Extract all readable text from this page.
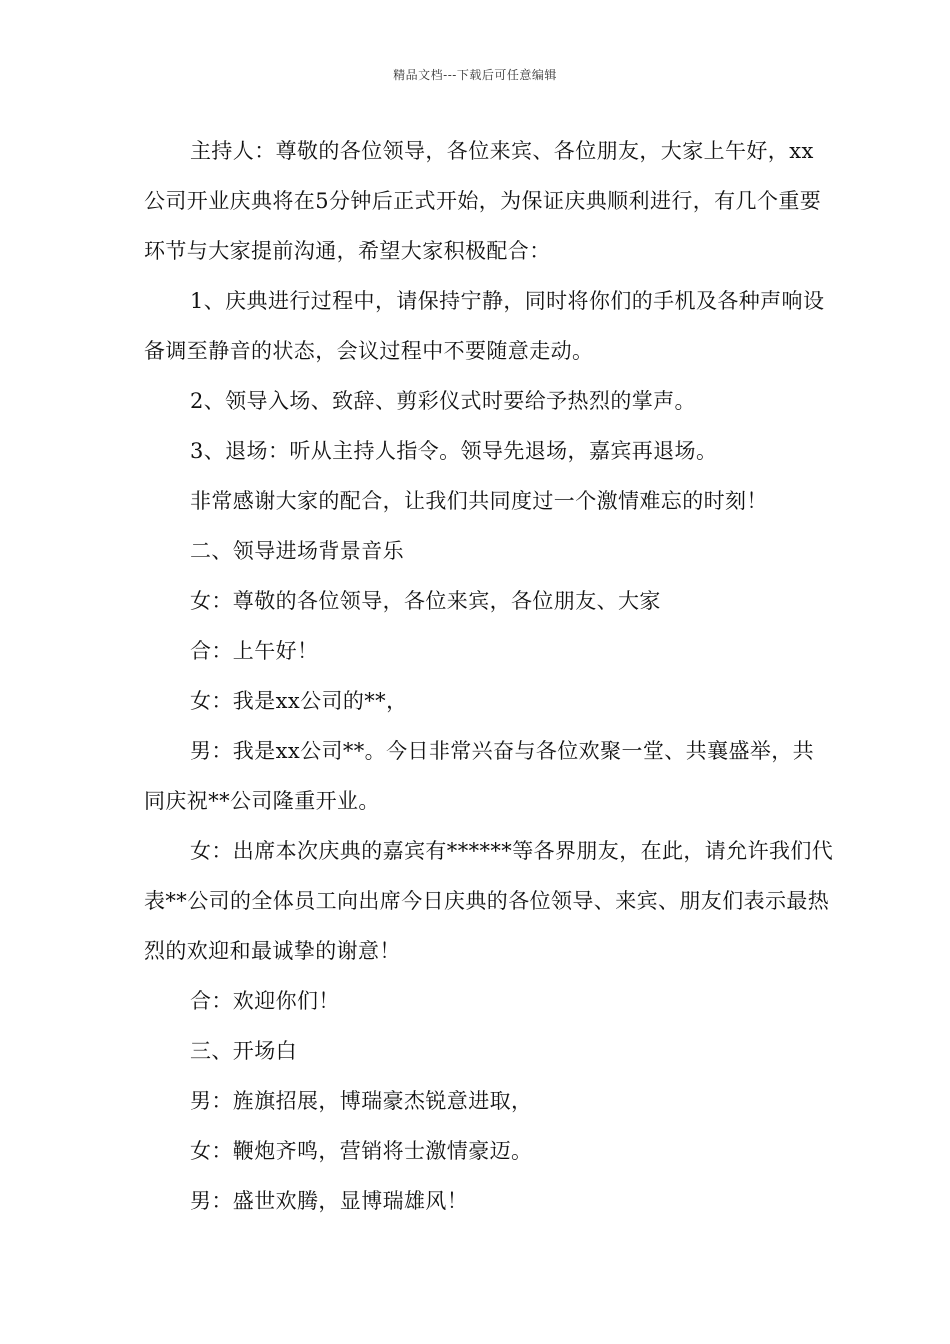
精品文档---下载后可任意编辑

主持人：尊敬的各位领导，各位来宾、各位朋友，大家上午好，xx公司开业庆典将在5分钟后正式开始，为保证庆典顺利进行，有几个重要环节与大家提前沟通，希望大家积极配合：

1、庆典进行过程中，请保持宁静，同时将你们的手机及各种声响设备调至静音的状态，会议过程中不要随意走动。

2、领导入场、致辞、剪彩仪式时要给予热烈的掌声。

3、退场：听从主持人指令。领导先退场，嘉宾再退场。

非常感谢大家的配合，让我们共同度过一个激情难忘的时刻！

二、领导进场背景音乐

女：尊敬的各位领导，各位来宾，各位朋友、大家

合：上午好！

女：我是xx公司的**，

男：我是xx公司**。今日非常兴奋与各位欢聚一堂、共襄盛举，共同庆祝**公司隆重开业。

女：出席本次庆典的嘉宾有******等各界朋友，在此，请允许我们代表**公司的全体员工向出席今日庆典的各位领导、来宾、朋友们表示最热烈的欢迎和最诚挚的谢意！

合：欢迎你们！

三、开场白

男：旌旗招展，博瑞豪杰锐意进取，

女：鞭炮齐鸣，营销将士激情豪迈。

男：盛世欢腾，显博瑞雄风！
